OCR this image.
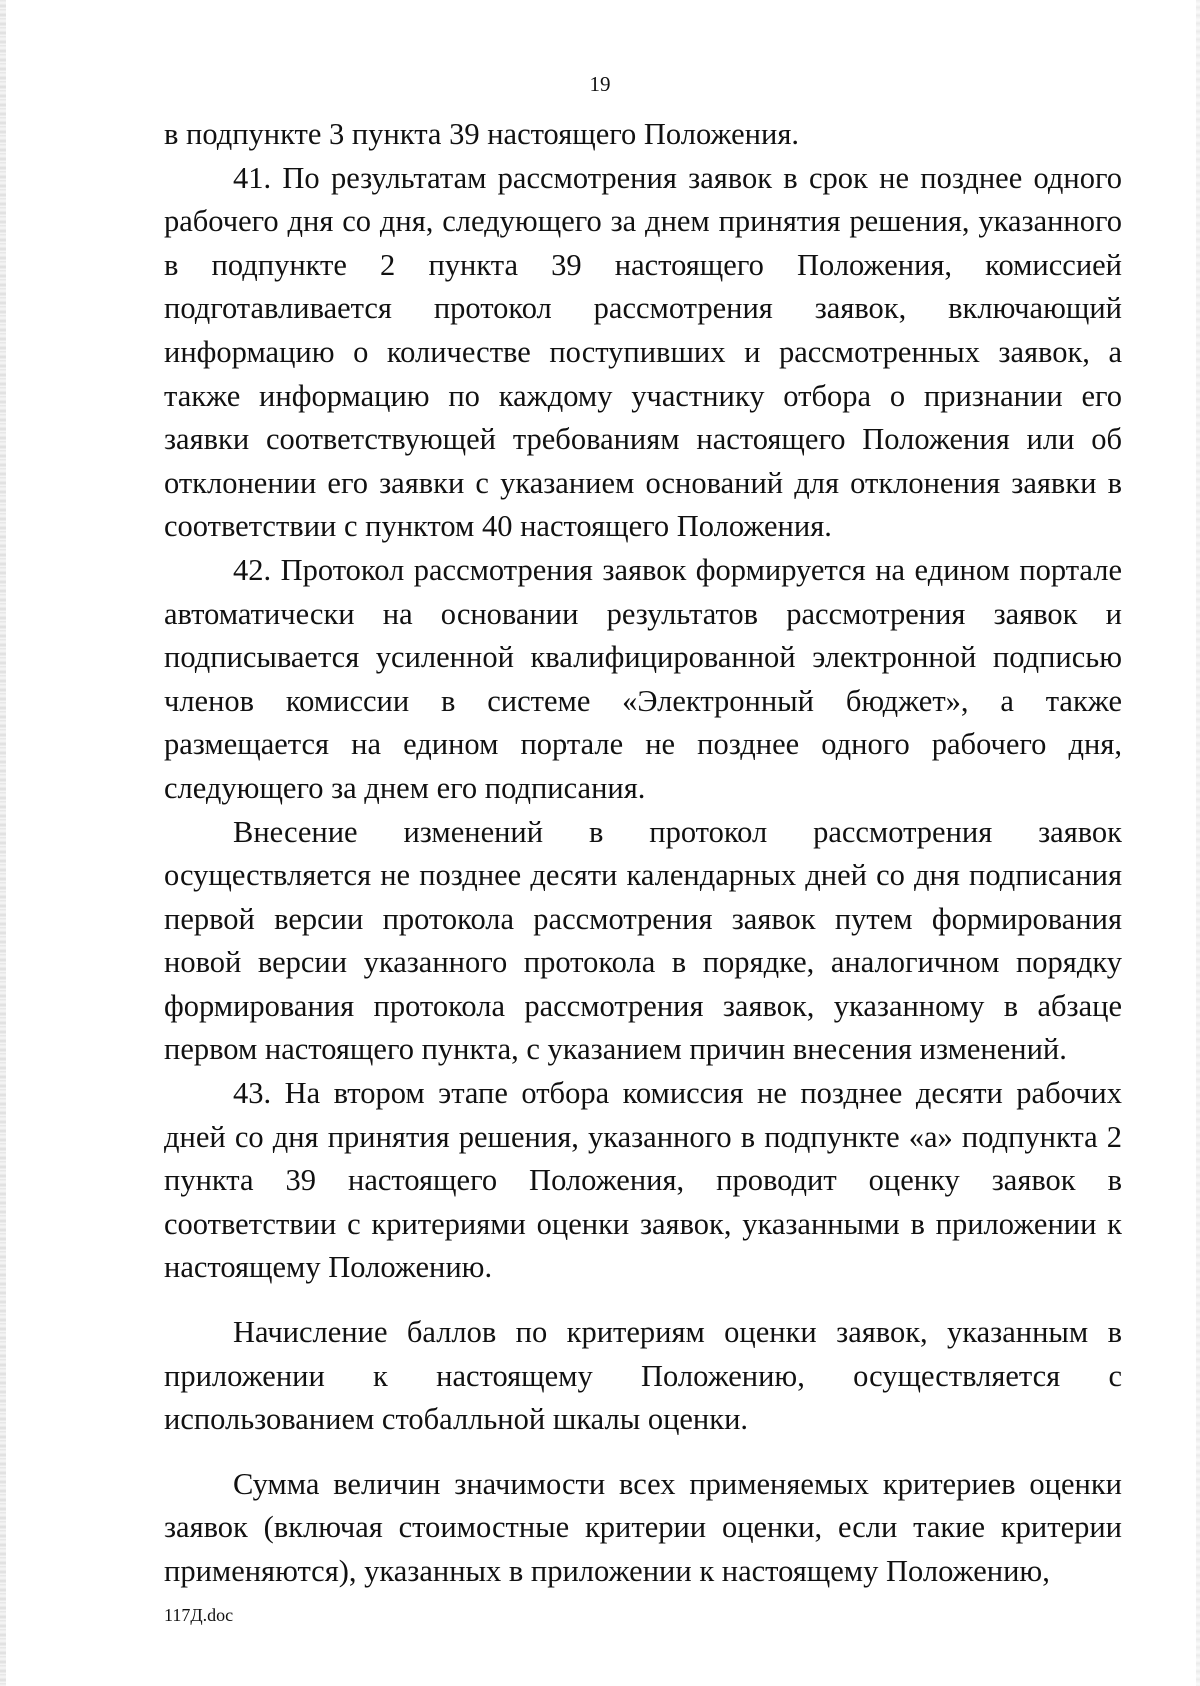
19

в подпункте 3 пункта 39 настоящего Положения.

41. По результатам рассмотрения заявок в срок не позднее одного рабочего дня со дня, следующего за днем принятия решения, указанного в подпункте 2 пункта 39 настоящего Положения, комиссией подготавливается протокол рассмотрения заявок, включающий информацию о количестве поступивших и рассмотренных заявок, а также информацию по каждому участнику отбора о признании его заявки соответствующей требованиям настоящего Положения или об отклонении его заявки с указанием оснований для отклонения заявки в соответствии с пунктом 40 настоящего Положения.

42. Протокол рассмотрения заявок формируется на едином портале автоматически на основании результатов рассмотрения заявок и подписывается усиленной квалифицированной электронной подписью членов комиссии в системе «Электронный бюджет», а также размещается на едином портале не позднее одного рабочего дня, следующего за днем его подписания.

Внесение изменений в протокол рассмотрения заявок осуществляется не позднее десяти календарных дней со дня подписания первой версии протокола рассмотрения заявок путем формирования новой версии указанного протокола в порядке, аналогичном порядку формирования протокола рассмотрения заявок, указанному в абзаце первом настоящего пункта, с указанием причин внесения изменений.

43. На втором этапе отбора комиссия не позднее десяти рабочих дней со дня принятия решения, указанного в подпункте «а» подпункта 2 пункта 39 настоящего Положения, проводит оценку заявок в соответствии с критериями оценки заявок, указанными в приложении к настоящему Положению.

Начисление баллов по критериям оценки заявок, указанным в приложении к настоящему Положению, осуществляется с использованием стобалльной шкалы оценки.

Сумма величин значимости всех применяемых критериев оценки заявок (включая стоимостные критерии оценки, если такие критерии применяются), указанных в приложении к настоящему Положению,

117Д.doc
